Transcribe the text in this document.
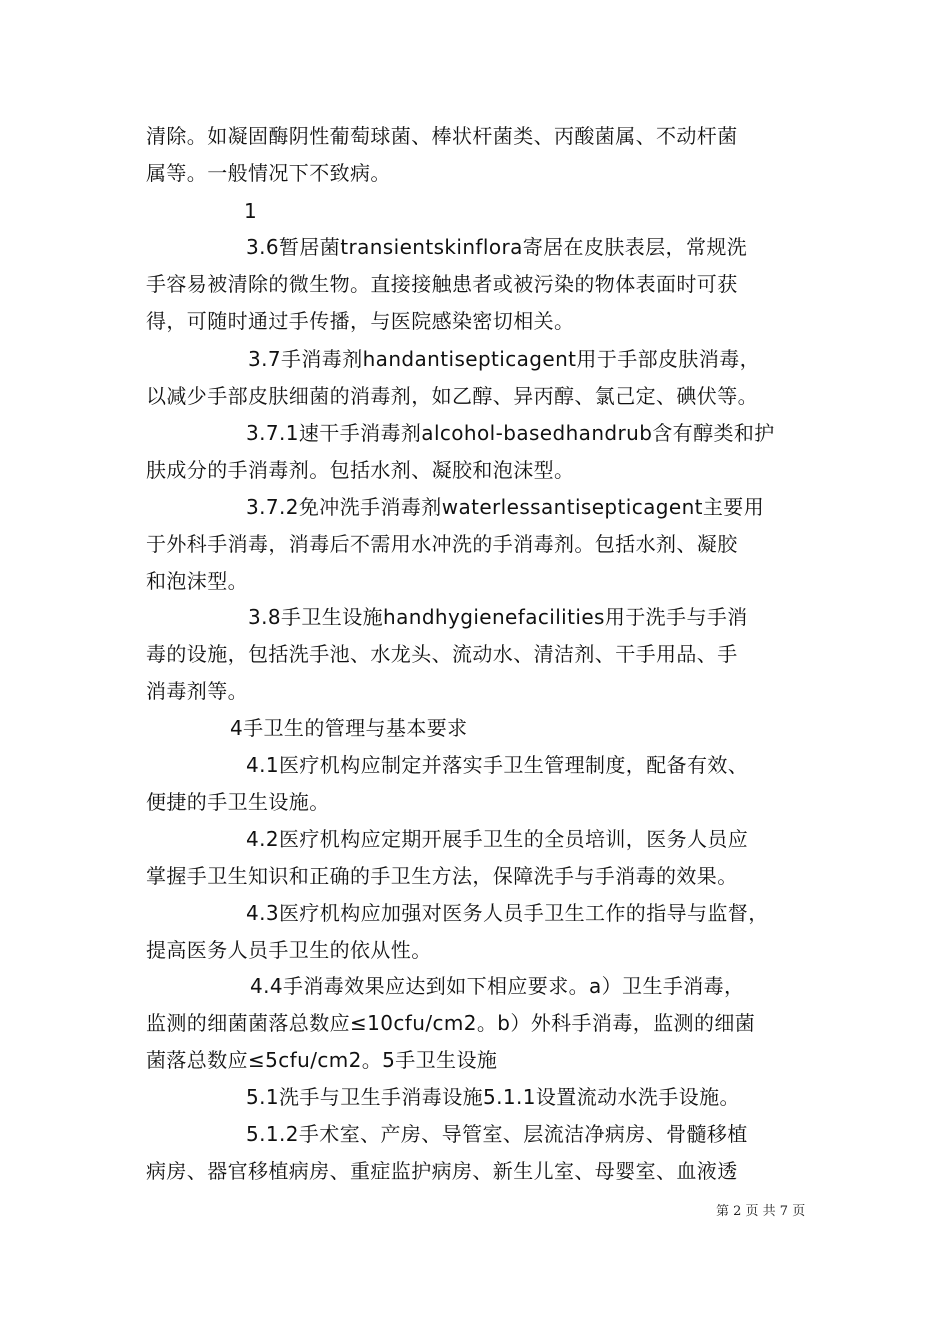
清除。如凝固酶阴性葡萄球菌、棒状杆菌类、丙酸菌属、不动杆菌
属等。一般情况下不致病。

1

3.6暂居菌transientskinflora寄居在皮肤表层，常规洗
手容易被清除的微生物。直接接触患者或被污染的物体表面时可获
得，可随时通过手传播，与医院感染密切相关。

3.7手消毒剂handantisepticagent用于手部皮肤消毒，
以减少手部皮肤细菌的消毒剂，如乙醇、异丙醇、氯己定、碘伏等。

3.7.1速干手消毒剂alcohol-basedhandrub含有醇类和护
肤成分的手消毒剂。包括水剂、凝胶和泡沫型。

3.7.2免冲洗手消毒剂waterlessantisepticagent主要用
于外科手消毒，消毒后不需用水冲洗的手消毒剂。包括水剂、凝胶
和泡沫型。

3.8手卫生设施handhygienefacilities用于洗手与手消
毒的设施，包括洗手池、水龙头、流动水、清洁剂、干手用品、手
消毒剂等。

4手卫生的管理与基本要求

4.1医疗机构应制定并落实手卫生管理制度，配备有效、
便捷的手卫生设施。

4.2医疗机构应定期开展手卫生的全员培训，医务人员应
掌握手卫生知识和正确的手卫生方法，保障洗手与手消毒的效果。

4.3医疗机构应加强对医务人员手卫生工作的指导与监督，
提高医务人员手卫生的依从性。

4.4手消毒效果应达到如下相应要求。a）卫生手消毒，
监测的细菌菌落总数应≤10cfu/cm2。b）外科手消毒，监测的细菌
菌落总数应≤5cfu/cm2。5手卫生设施

5.1洗手与卫生手消毒设施5.1.1设置流动水洗手设施。

5.1.2手术室、产房、导管室、层流洁净病房、骨髓移植
病房、器官移植病房、重症监护病房、新生儿室、母婴室、血液透

第 2 页 共 7 页
